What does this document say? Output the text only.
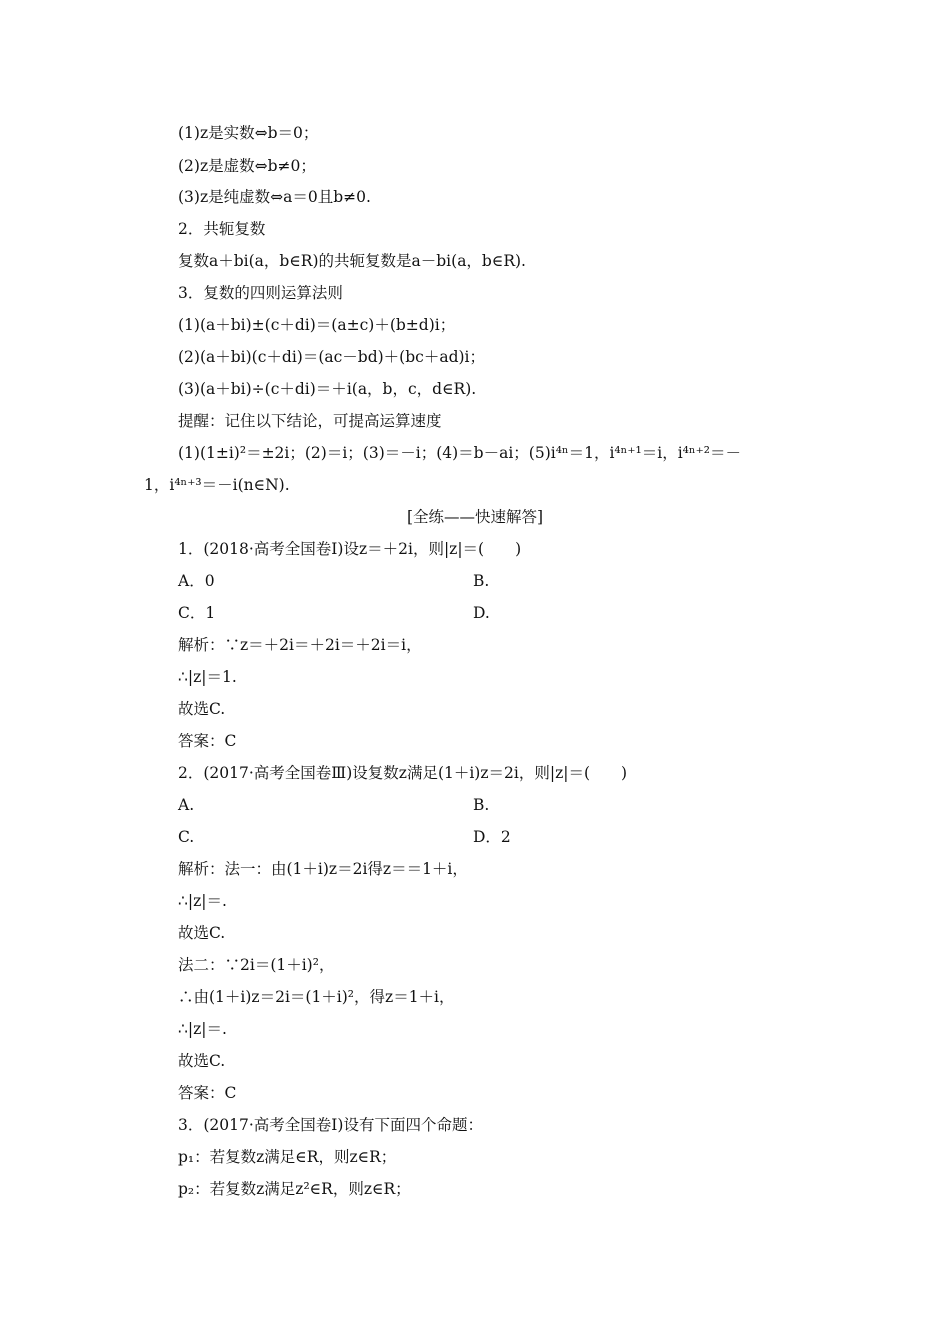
(1)z是实数⇔b＝0；
(2)z是虚数⇔b≠0；
(3)z是纯虚数⇔a＝0且b≠0.
2．共轭复数
复数a＋bi(a，b∈R)的共轭复数是a－bi(a，b∈R).
3．复数的四则运算法则
(1)(a＋bi)±(c＋di)＝(a±c)＋(b±d)i；
(2)(a＋bi)(c＋di)＝(ac－bd)＋(bc＋ad)i；
(3)(a＋bi)÷(c＋di)＝＋i(a，b，c，d∈R).
提醒：记住以下结论，可提高运算速度
(1)(1±i)²＝±2i；(2)＝i；(3)＝－i；(4)＝b－ai；(5)i⁴ⁿ＝1，i⁴ⁿ⁺¹＝i，i⁴ⁿ⁺²＝－
1，i⁴ⁿ⁺³＝－i(n∈N).
[全练——快速解答]
1．(2018·高考全国卷Ⅰ)设z＝＋2i，则|z|＝(　　)
A．0	B.
C．1	D.
解析：∵z＝＋2i＝＋2i＝＋2i＝i，
∴|z|＝1.
故选C.
答案：C
2．(2017·高考全国卷Ⅲ)设复数z满足(1＋i)z＝2i，则|z|＝(　　)
A.	B.
C.	D．2
解析：法一：由(1＋i)z＝2i得z＝＝1＋i，
∴|z|＝.
故选C.
法二：∵2i＝(1＋i)²，
∴由(1＋i)z＝2i＝(1＋i)²，得z＝1＋i，
∴|z|＝.
故选C.
答案：C
3．(2017·高考全国卷Ⅰ)设有下面四个命题：
p₁：若复数z满足∈R，则z∈R；
p₂：若复数z满足z²∈R，则z∈R；
